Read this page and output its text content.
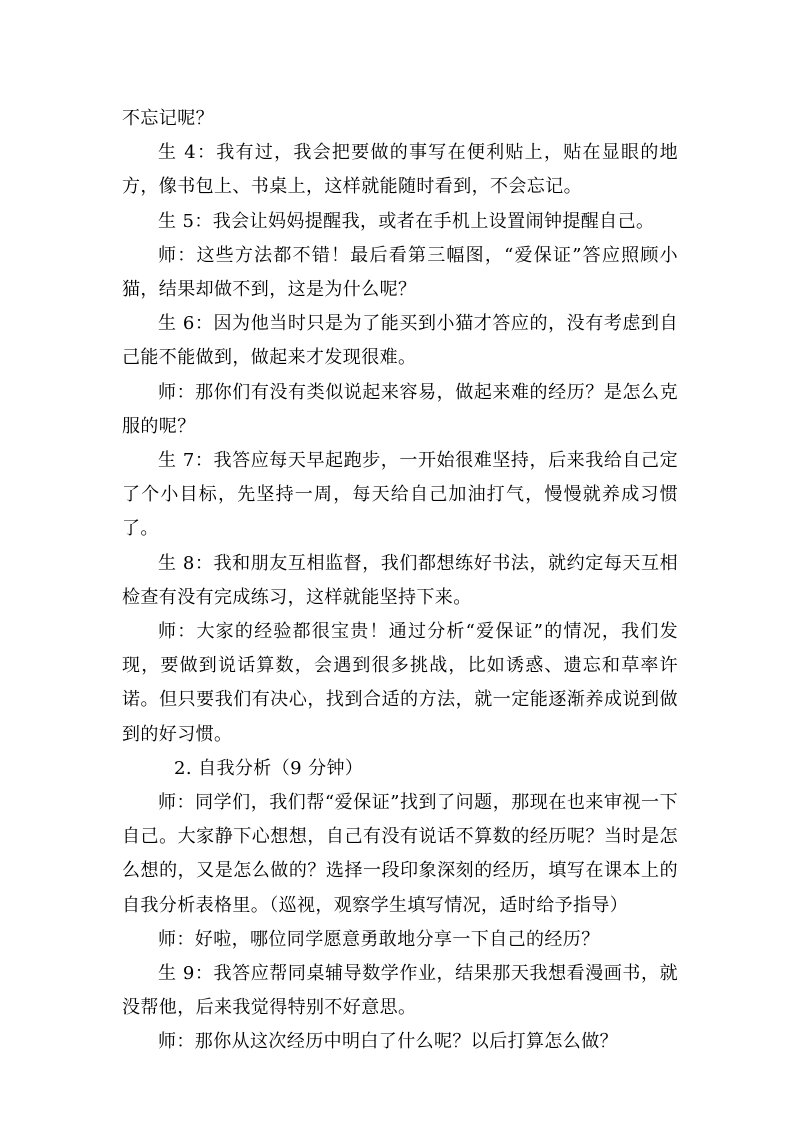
不忘记呢？

生 4：我有过，我会把要做的事写在便利贴上，贴在显眼的地方，像书包上、书桌上，这样就能随时看到，不会忘记。

生 5：我会让妈妈提醒我，或者在手机上设置闹钟提醒自己。

师：这些方法都不错！最后看第三幅图，“爱保证”答应照顾小猫，结果却做不到，这是为什么呢？

生 6：因为他当时只是为了能买到小猫才答应的，没有考虑到自己能不能做到，做起来才发现很难。

师：那你们有没有类似说起来容易，做起来难的经历？是怎么克服的呢？

生 7：我答应每天早起跑步，一开始很难坚持，后来我给自己定了个小目标，先坚持一周，每天给自己加油打气，慢慢就养成习惯了。

生 8：我和朋友互相监督，我们都想练好书法，就约定每天互相检查有没有完成练习，这样就能坚持下来。

师：大家的经验都很宝贵！通过分析“爱保证”的情况，我们发现，要做到说话算数，会遇到很多挑战，比如诱惑、遗忘和草率许诺。但只要我们有决心，找到合适的方法，就一定能逐渐养成说到做到的好习惯。

2. 自我分析（9 分钟）

师：同学们，我们帮“爱保证”找到了问题，那现在也来审视一下自己。大家静下心想想，自己有没有说话不算数的经历呢？当时是怎么想的，又是怎么做的？选择一段印象深刻的经历，填写在课本上的自我分析表格里。（巡视，观察学生填写情况，适时给予指导）

师：好啦，哪位同学愿意勇敢地分享一下自己的经历？

生 9：我答应帮同桌辅导数学作业，结果那天我想看漫画书，就没帮他，后来我觉得特别不好意思。

师：那你从这次经历中明白了什么呢？以后打算怎么做？
